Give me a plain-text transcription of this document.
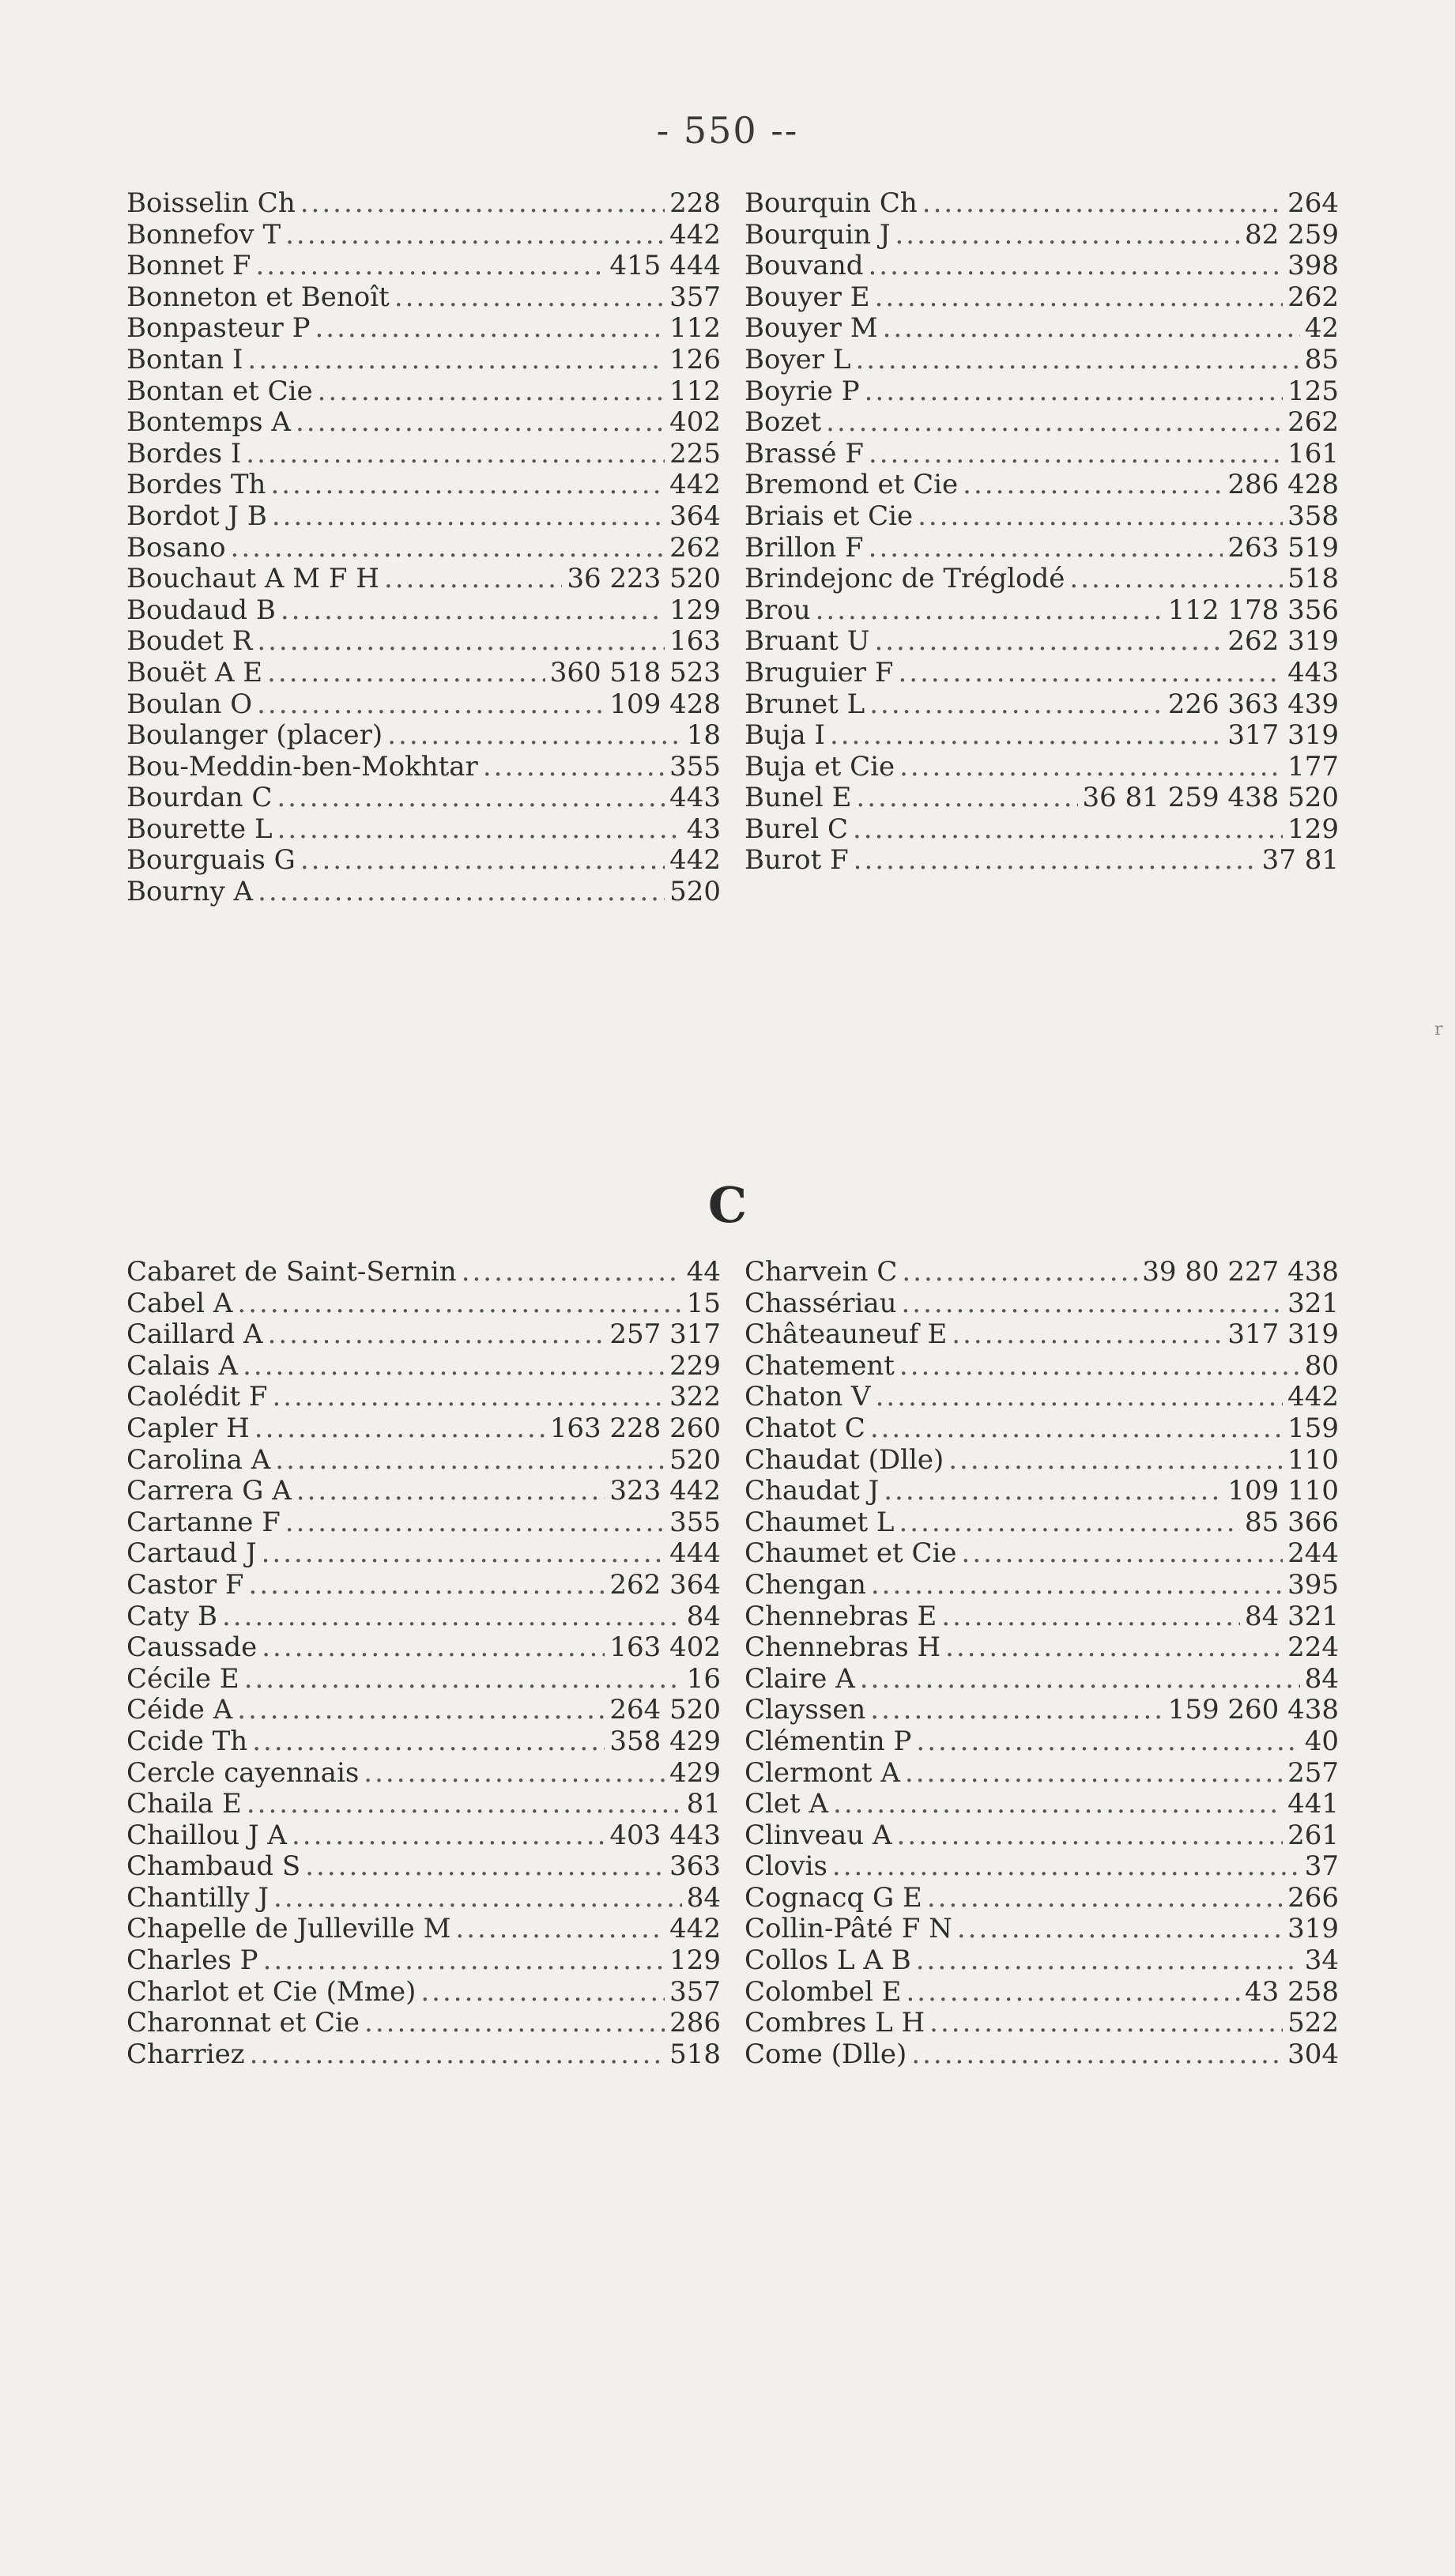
- 550 --
Boisselin Ch .....	228
Bonnefov T .....	442
Bonnet F .....	415 444
Bonneton et Benoît .....	357
Bonpasteur P .....	112
Bontan I .....	126
Bontan et Cie .....	112
Bontemps A .....	402
Bordes I .....	225
Bordes Th .....	442
Bordot J B .....	364
Bosano .....	262
Bouchaut A M F H .....	36 223 520
Boudaud B .....	129
Boudet R .....	163
Bouët A E .....	360 518 523
Boulan O .....	109 428
Boulanger (placer) .....	18
Bou-Meddin-ben-Mokhtar .....	355
Bourdan C .....	443
Bourette L .....	43
Bourguais G .....	442
Bourny A .....	520
Bourquin Ch .....	264
Bourquin J .....	82 259
Bouvand .....	398
Bouyer E .....	262
Bouyer M .....	42
Boyer L .....	85
Boyrie P .....	125
Bozet .....	262
Brassé F .....	161
Bremond et Cie .....	286 428
Briais et Cie .....	358
Brillon F .....	263 519
Brindejonc de Tréglodé .....	518
Brou .....	112 178 356
Bruant U .....	262 319
Bruguier F .....	443
Brunet L .....	226 363 439
Buja I .....	317 319
Buja et Cie .....	177
Bunel E .....	36 81 259 438 520
Burel C .....	129
Burot F .....	37 81
C
Cabaret de Saint-Sernin .....	44
Cabel A .....	15
Caillard A .....	257 317
Calais A .....	229
Caolédit F .....	322
Capler H .....	163 228 260
Carolina A .....	520
Carrera G A .....	323 442
Cartanne F .....	355
Cartaud J .....	444
Castor F .....	262 364
Caty B .....	84
Caussade .....	163 402
Cécile E .....	16
Céide A .....	264 520
Ccide Th .....	358 429
Cercle cayennais .....	429
Chaila E .....	81
Chaillou J A .....	403 443
Chambaud S .....	363
Chantilly J .....	84
Chapelle de Julleville M .....	442
Charles P .....	129
Charlot et Cie (Mme) .....	357
Charonnat et Cie .....	286
Charriez .....	518
Charvein C .....	39 80 227 438
Chassériau .....	321
Châteauneuf E .....	317 319
Chatement .....	80
Chaton V .....	442
Chatot C .....	159
Chaudat (Dlle) .....	110
Chaudat J .....	109 110
Chaumet L .....	85 366
Chaumet et Cie .....	244
Chengan .....	395
Chennebras E .....	84 321
Chennebras H .....	224
Claire A .....	84
Clayssen .....	159 260 438
Clémentin P .....	40
Clermont A .....	257
Clet A .....	441
Clinveau A .....	261
Clovis .....	37
Cognacq G E .....	266
Collin-Pâté F N .....	319
Collos L A B .....	34
Colombel E .....	43 258
Combres L H .....	522
Come (Dlle) .....	304
r
